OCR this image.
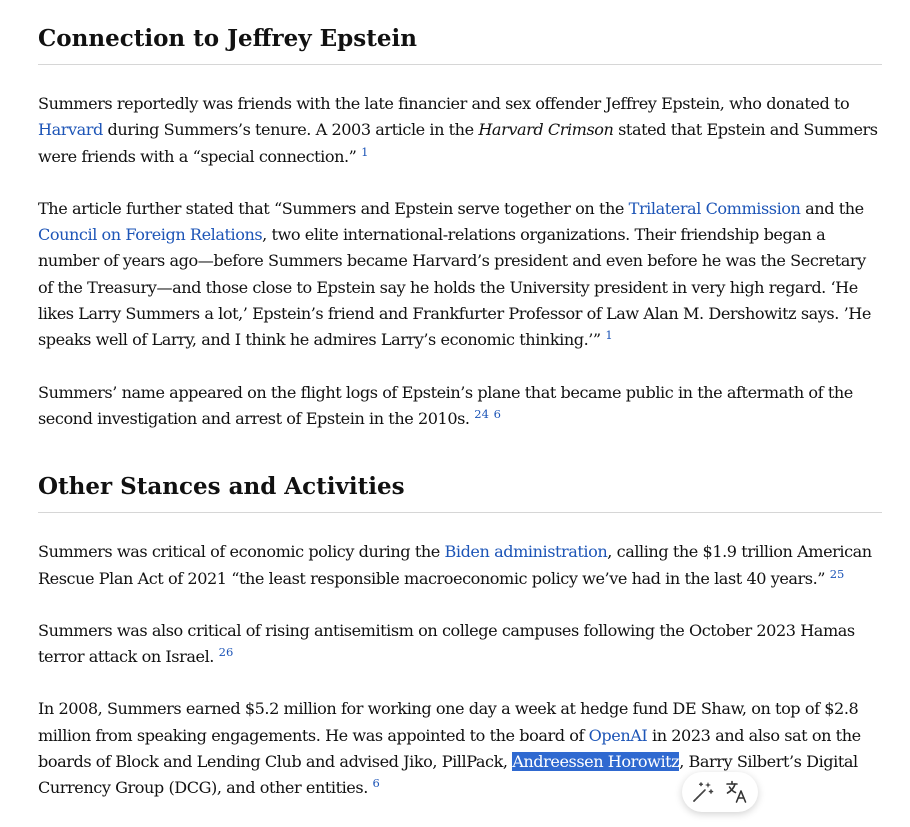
Connection to Jeffrey Epstein

Summers reportedly was friends with the late financier and sex offender Jeffrey Epstein, who donated to Harvard during Summers’s tenure. A 2003 article in the Harvard Crimson stated that Epstein and Summers were friends with a “special connection.” $^1$

The article further stated that “Summers and Epstein serve together on the Trilateral Commission and the Council on Foreign Relations, two elite international-relations organizations. Their friendship began a number of years ago—before Summers became Harvard’s president and even before he was the Secretary of the Treasury—and those close to Epstein say he holds the University president in very high regard. ‘He likes Larry Summers a lot,’ Epstein’s friend and Frankfurter Professor of Law Alan M. Dershowitz says. ’He speaks well of Larry, and I think he admires Larry’s economic thinking.’” $^1$

Summers’ name appeared on the flight logs of Epstein’s plane that became public in the aftermath of the second investigation and arrest of Epstein in the 2010s. $^{24}$ $^6$

Other Stances and Activities

Summers was critical of economic policy during the Biden administration, calling the $1.9 trillion American Rescue Plan Act of 2021 “the least responsible macroeconomic policy we’ve had in the last 40 years.” $^{25}$

Summers was also critical of rising antisemitism on college campuses following the October 2023 Hamas terror attack on Israel. $^{26}$

In 2008, Summers earned $5.2 million for working one day a week at hedge fund DE Shaw, on top of $2.8 million from speaking engagements. He was appointed to the board of OpenAI in 2023 and also sat on the boards of Block and Lending Club and advised Jiko, PillPack, Andreessen Horowitz, Barry Silbert’s Digital Currency Group (DCG), and other entities. $^6$
